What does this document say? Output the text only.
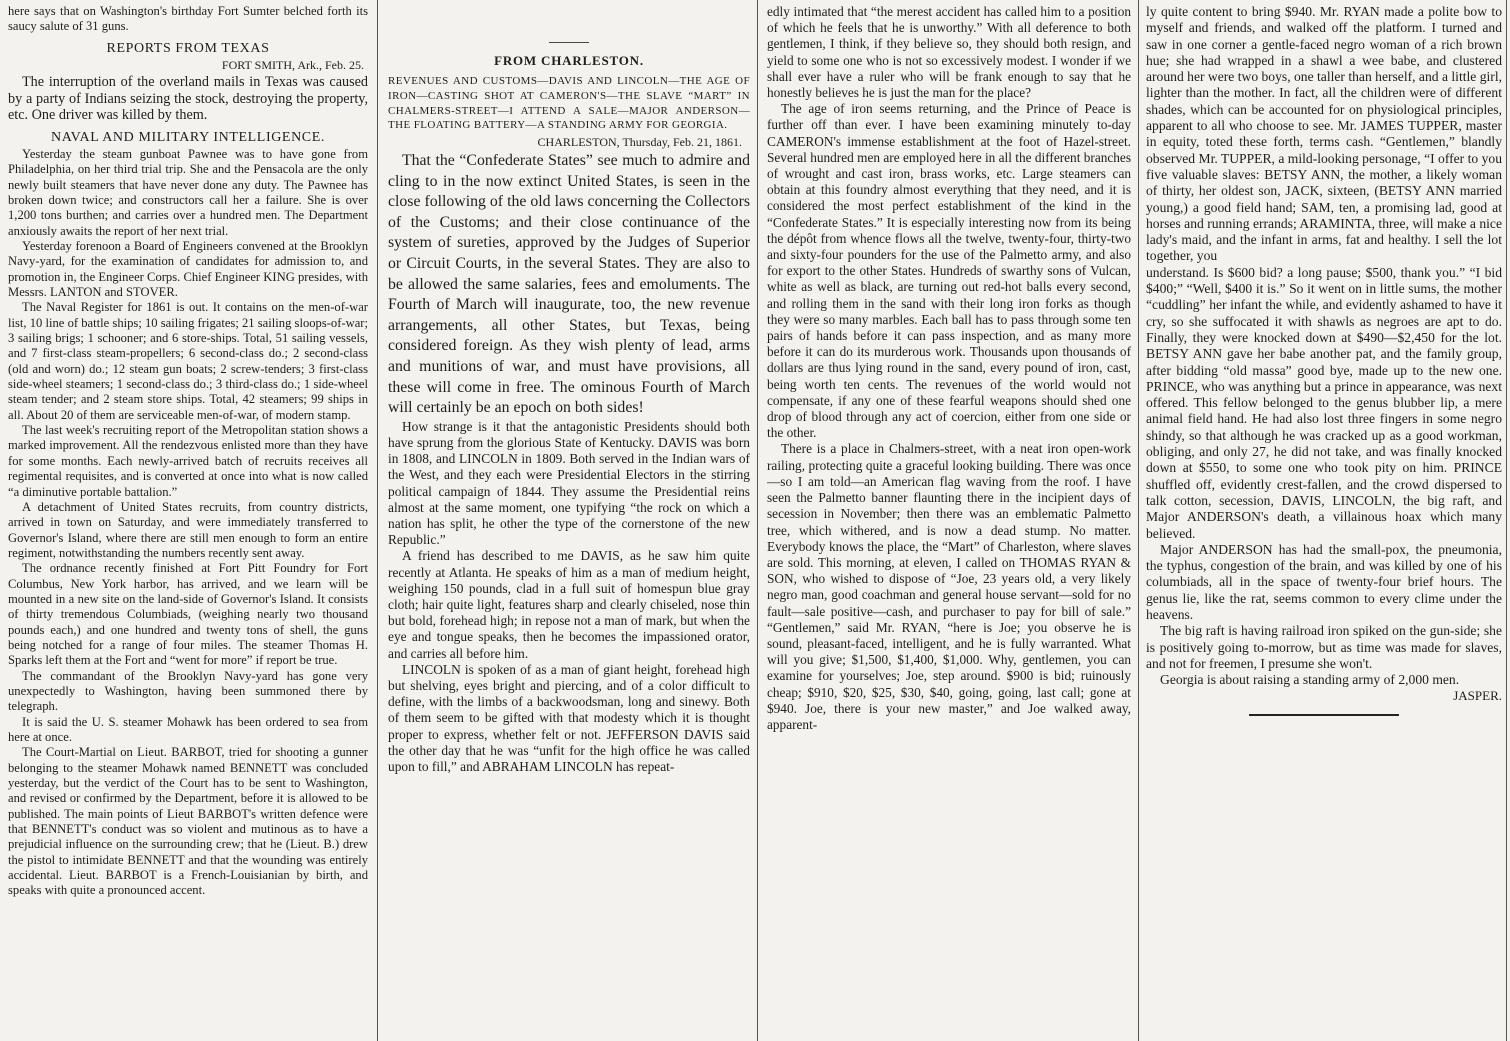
here says that on Washington's birthday Fort Sumter belched forth its saucy salute of 31 guns.

REPORTS FROM TEXAS
FORT SMITH, Ark., Feb. 25.

The interruption of the overland mails in Texas was caused by a party of Indians seizing the stock, destroying the property, etc. One driver was killed by them.

NAVAL AND MILITARY INTELLIGENCE.

Yesterday the steam gunboat Pawnee was to have gone from Philadelphia, on her third trial trip. She and the Pensacola are the only newly built steamers that have never done any duty. The Pawnee has broken down twice; and constructors call her a failure. She is over 1,200 tons burthen; and carries over a hundred men. The Department anxiously awaits the report of her next trial.

Yesterday forenoon a Board of Engineers convened at the Brooklyn Navy-yard, for the examination of candidates for admission to, and promotion in, the Engineer Corps. Chief Engineer KING presides, with Messrs. LANTON and STOVER.

The Naval Register for 1861 is out. It contains on the men-of-war list, 10 line of battle ships; 10 sailing frigates; 21 sailing sloops-of-war; 3 sailing brigs; 1 schooner; and 6 store-ships. Total, 51 sailing vessels, and 7 first-class steam-propellers; 6 second-class do.; 2 second-class (old and worn) do.; 12 steam gun boats; 2 screw-tenders; 3 first-class side-wheel steamers; 1 second-class do.; 3 third-class do.; 1 side-wheel steam tender; and 2 steam store ships. Total, 42 steamers; 99 ships in all. About 20 of them are serviceable men-of-war, of modern stamp.

The last week's recruiting report of the Metropolitan station shows a marked improvement. All the rendezvous enlisted more than they have for some months. Each newly-arrived batch of recruits receives all regimental requisites, and is converted at once into what is now called “a diminutive portable battalion.”

A detachment of United States recruits, from country districts, arrived in town on Saturday, and were immediately transferred to Governor's Island, where there are still men enough to form an entire regiment, notwithstanding the numbers recently sent away.

The ordnance recently finished at Fort Pitt Foundry for Fort Columbus, New York harbor, has arrived, and we learn will be mounted in a new site on the land-side of Governor's Island. It consists of thirty tremendous Columbiads, (weighing nearly two thousand pounds each,) and one hundred and twenty tons of shell, the guns being notched for a range of four miles. The steamer Thomas H. Sparks left them at the Fort and “went for more” if report be true.

The commandant of the Brooklyn Navy-yard has gone very unexpectedly to Washington, having been summoned there by telegraph.

It is said the U. S. steamer Mohawk has been ordered to sea from here at once.

The Court-Martial on Lieut. BARBOT, tried for shooting a gunner belonging to the steamer Mohawk named BENNETT was concluded yesterday, but the verdict of the Court has to be sent to Washington, and revised or confirmed by the Department, before it is allowed to be published. The main points of Lieut BARBOT's written defence were that BENNETT's conduct was so violent and mutinous as to have a prejudicial influence on the surrounding crew; that he (Lieut. B.) drew the pistol to intimidate BENNETT and that the wounding was entirely accidental. Lieut. BARBOT is a French-Louisianian by birth, and speaks with quite a pronounced accent.

FROM CHARLESTON.
REVENUES AND CUSTOMS—DAVIS AND LINCOLN—THE AGE OF IRON—CASTING SHOT AT CAMERON'S—THE SLAVE “MART” IN CHALMERS-STREET—I ATTEND A SALE—MAJOR ANDERSON—THE FLOATING BATTERY—A STANDING ARMY FOR GEORGIA.
CHARLESTON, Thursday, Feb. 21, 1861.

That the “Confederate States” see much to admire and cling to in the now extinct United States, is seen in the close following of the old laws concerning the Collectors of the Customs; and their close continuance of the system of sureties, approved by the Judges of Superior or Circuit Courts, in the several States. They are also to be allowed the same salaries, fees and emoluments. The Fourth of March will inaugurate, too, the new revenue arrangements, all other States, but Texas, being considered foreign. As they wish plenty of lead, arms and munitions of war, and must have provisions, all these will come in free. The ominous Fourth of March will certainly be an epoch on both sides!

How strange is it that the antagonistic Presidents should both have sprung from the glorious State of Kentucky. DAVIS was born in 1808, and LINCOLN in 1809. Both served in the Indian wars of the West, and they each were Presidential Electors in the stirring political campaign of 1844. They assume the Presidential reins almost at the same moment, one typifying “the rock on which a nation has split, he other the type of the cornerstone of the new Republic.”

A friend has described to me DAVIS, as he saw him quite recently at Atlanta. He speaks of him as a man of medium height, weighing 150 pounds, clad in a full suit of homespun blue gray cloth; hair quite light, features sharp and clearly chiseled, nose thin but bold, forehead high; in repose not a man of mark, but when the eye and tongue speaks, then he becomes the impassioned orator, and carries all before him.

LINCOLN is spoken of as a man of giant height, forehead high but shelving, eyes bright and piercing, and of a color difficult to define, with the limbs of a backwoodsman, long and sinewy. Both of them seem to be gifted with that modesty which it is thought proper to express, whether felt or not. JEFFERSON DAVIS said the other day that he was “unfit for the high office he was called upon to fill,” and ABRAHAM LINCOLN has repeat-

edly intimated that “the merest accident has called him to a position of which he feels that he is unworthy.” With all deference to both gentlemen, I think, if they believe so, they should both resign, and yield to some one who is not so excessively modest. I wonder if we shall ever have a ruler who will be frank enough to say that he honestly believes he is just the man for the place?

The age of iron seems returning, and the Prince of Peace is further off than ever. I have been examining minutely to-day CAMERON's immense establishment at the foot of Hazel-street. Several hundred men are employed here in all the different branches of wrought and cast iron, brass works, etc. Large steamers can obtain at this foundry almost everything that they need, and it is considered the most perfect establishment of the kind in the “Confederate States.” It is especially interesting now from its being the dépôt from whence flows all the twelve, twenty-four, thirty-two and sixty-four pounders for the use of the Palmetto army, and also for export to the other States. Hundreds of swarthy sons of Vulcan, white as well as black, are turning out red-hot balls every second, and rolling them in the sand with their long iron forks as though they were so many marbles. Each ball has to pass through some ten pairs of hands before it can pass inspection, and as many more before it can do its murderous work. Thousands upon thousands of dollars are thus lying round in the sand, every pound of iron, cast, being worth ten cents. The revenues of the world would not compensate, if any one of these fearful weapons should shed one drop of blood through any act of coercion, either from one side or the other.

There is a place in Chalmers-street, with a neat iron open-work railing, protecting quite a graceful looking building. There was once—so I am told—an American flag waving from the roof. I have seen the Palmetto banner flaunting there in the incipient days of secession in November; then there was an emblematic Palmetto tree, which withered, and is now a dead stump. No matter. Everybody knows the place, the “Mart” of Charleston, where slaves are sold. This morning, at eleven, I called on THOMAS RYAN & SON, who wished to dispose of “Joe, 23 years old, a very likely negro man, good coachman and general house servant—sold for no fault—sale positive—cash, and purchaser to pay for bill of sale.” “Gentlemen,” said Mr. RYAN, “here is Joe; you observe he is sound, pleasant-faced, intelligent, and he is fully warranted. What will you give; $1,500, $1,400, $1,000. Why, gentlemen, you can examine for yourselves; Joe, step around. $900 is bid; ruinously cheap; $910, $20, $25, $30, $40, going, going, last call; gone at $940. Joe, there is your new master,” and Joe walked away, apparent-

ly quite content to bring $940. Mr. RYAN made a polite bow to myself and friends, and walked off the platform. I turned and saw in one corner a gentle-faced negro woman of a rich brown hue; she had wrapped in a shawl a wee babe, and clustered around her were two boys, one taller than herself, and a little girl, lighter than the mother. In fact, all the children were of different shades, which can be accounted for on physiological principles, apparent to all who choose to see. Mr. JAMES TUPPER, master in equity, toted these forth, terms cash. “Gentlemen,” blandly observed Mr. TUPPER, a mild-looking personage, “I offer to you five valuable slaves: BETSY ANN, the mother, a likely woman of thirty, her oldest son, JACK, sixteen, (BETSY ANN married young,) a good field hand; SAM, ten, a promising lad, good at horses and running errands; ARAMINTA, three, will make a nice lady's maid, and the infant in arms, fat and healthy. I sell the lot together, you

understand. Is $600 bid? a long pause; $500, thank you.” “I bid $400;” “Well, $400 it is.” So it went on in little sums, the mother “cuddling” her infant the while, and evidently ashamed to have it cry, so she suffocated it with shawls as negroes are apt to do. Finally, they were knocked down at $490—$2,450 for the lot. BETSY ANN gave her babe another pat, and the family group, after bidding “old massa” good bye, made up to the new one. PRINCE, who was anything but a prince in appearance, was next offered. This fellow belonged to the genus blubber lip, a mere animal field hand. He had also lost three fingers in some negro shindy, so that although he was cracked up as a good workman, obliging, and only 27, he did not take, and was finally knocked down at $550, to some one who took pity on him. PRINCE shuffled off, evidently crest-fallen, and the crowd dispersed to talk cotton, secession, DAVIS, LINCOLN, the big raft, and Major ANDERSON's death, a villainous hoax which many believed.

Major ANDERSON has had the small-pox, the pneumonia, the typhus, congestion of the brain, and was killed by one of his columbiads, all in the space of twenty-four brief hours. The genus lie, like the rat, seems common to every clime under the heavens.

The big raft is having railroad iron spiked on the gun-side; she is positively going to-morrow, but as time was made for slaves, and not for freemen, I presume she won't.

Georgia is about raising a standing army of 2,000 men.

JASPER.
